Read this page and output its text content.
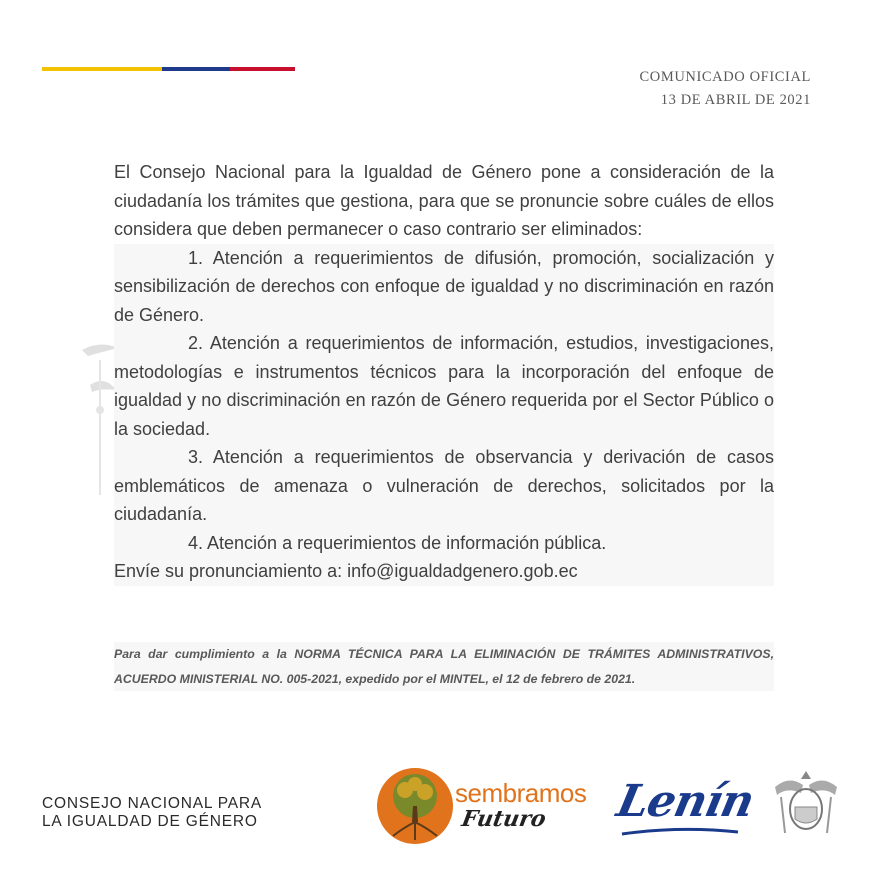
COMUNICADO OFICIAL
13 DE ABRIL DE 2021

El Consejo Nacional para la Igualdad de Género pone a consideración de la ciudadanía los trámites que gestiona, para que se pronuncie sobre cuáles de ellos considera que deben permanecer o caso contrario ser eliminados:

1. Atención a requerimientos de difusión, promoción, socialización y sensibilización de derechos con enfoque de igualdad y no discriminación en razón de Género.

2. Atención a requerimientos de información, estudios, investigaciones, metodologías e instrumentos técnicos para la incorporación del enfoque de igualdad y no discriminación en razón de Género requerida por el Sector Público o la sociedad.

3. Atención a requerimientos de observancia y derivación de casos emblemáticos de amenaza o vulneración de derechos, solicitados por la ciudadanía.

4. Atención a requerimientos de información pública.

Envíe su pronunciamiento a: info@igualdadgenero.gob.ec

Para dar cumplimiento a la NORMA TÉCNICA PARA LA ELIMINACIÓN DE TRÁMITES ADMINISTRATIVOS, ACUERDO MINISTERIAL NO. 005-2021, expedido por el MINTEL, el 12 de febrero de 2021.
CONSEJO NACIONAL PARA
LA IGUALDAD DE GÉNERO
sembramos
Futuro Lenín
